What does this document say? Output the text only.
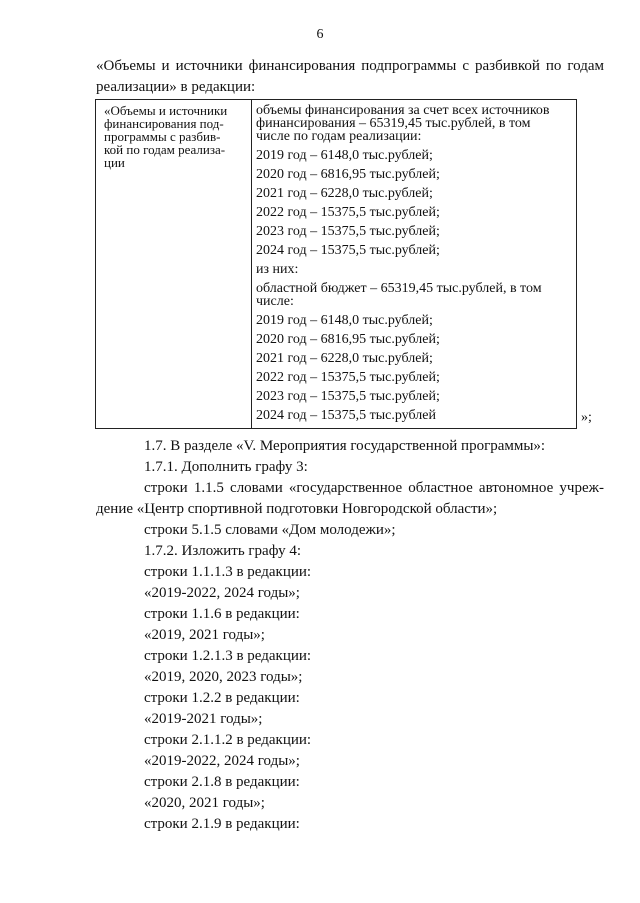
6
«Объемы и источники финансирования подпрограммы с разбивкой по годам реализации» в редакции:
«Объемы и источники
финансирования под-
программы с разбив-
кой по годам реализа-
ции
объемы финансирования за счет всех источников
финансирования – 65319,45 тыс.рублей, в том
числе по годам реализации:
2019 год – 6148,0 тыс.рублей;
2020 год – 6816,95 тыс.рублей;
2021 год – 6228,0 тыс.рублей;
2022 год – 15375,5 тыс.рублей;
2023 год – 15375,5 тыс.рублей;
2024 год – 15375,5 тыс.рублей;
из них:
областной бюджет – 65319,45 тыс.рублей, в том
числе:
2019 год – 6148,0 тыс.рублей;
2020 год – 6816,95 тыс.рублей;
2021 год – 6228,0 тыс.рублей;
2022 год – 15375,5 тыс.рублей;
2023 год – 15375,5 тыс.рублей;
2024 год – 15375,5 тыс.рублей	»;
1.7. В разделе «V. Мероприятия государственной программы»:
1.7.1. Дополнить графу 3:
строки 1.1.5 словами «государственное областное автономное учреж-
дение «Центр спортивной подготовки Новгородской области»;
строки 5.1.5 словами «Дом молодежи»;
1.7.2. Изложить графу 4:
строки 1.1.1.3 в редакции:
«2019-2022, 2024 годы»;
строки 1.1.6 в редакции:
«2019, 2021 годы»;
строки 1.2.1.3 в редакции:
«2019, 2020, 2023 годы»;
строки 1.2.2 в редакции:
«2019-2021 годы»;
строки 2.1.1.2 в редакции:
«2019-2022, 2024 годы»;
строки 2.1.8 в редакции:
«2020, 2021 годы»;
строки 2.1.9 в редакции:
